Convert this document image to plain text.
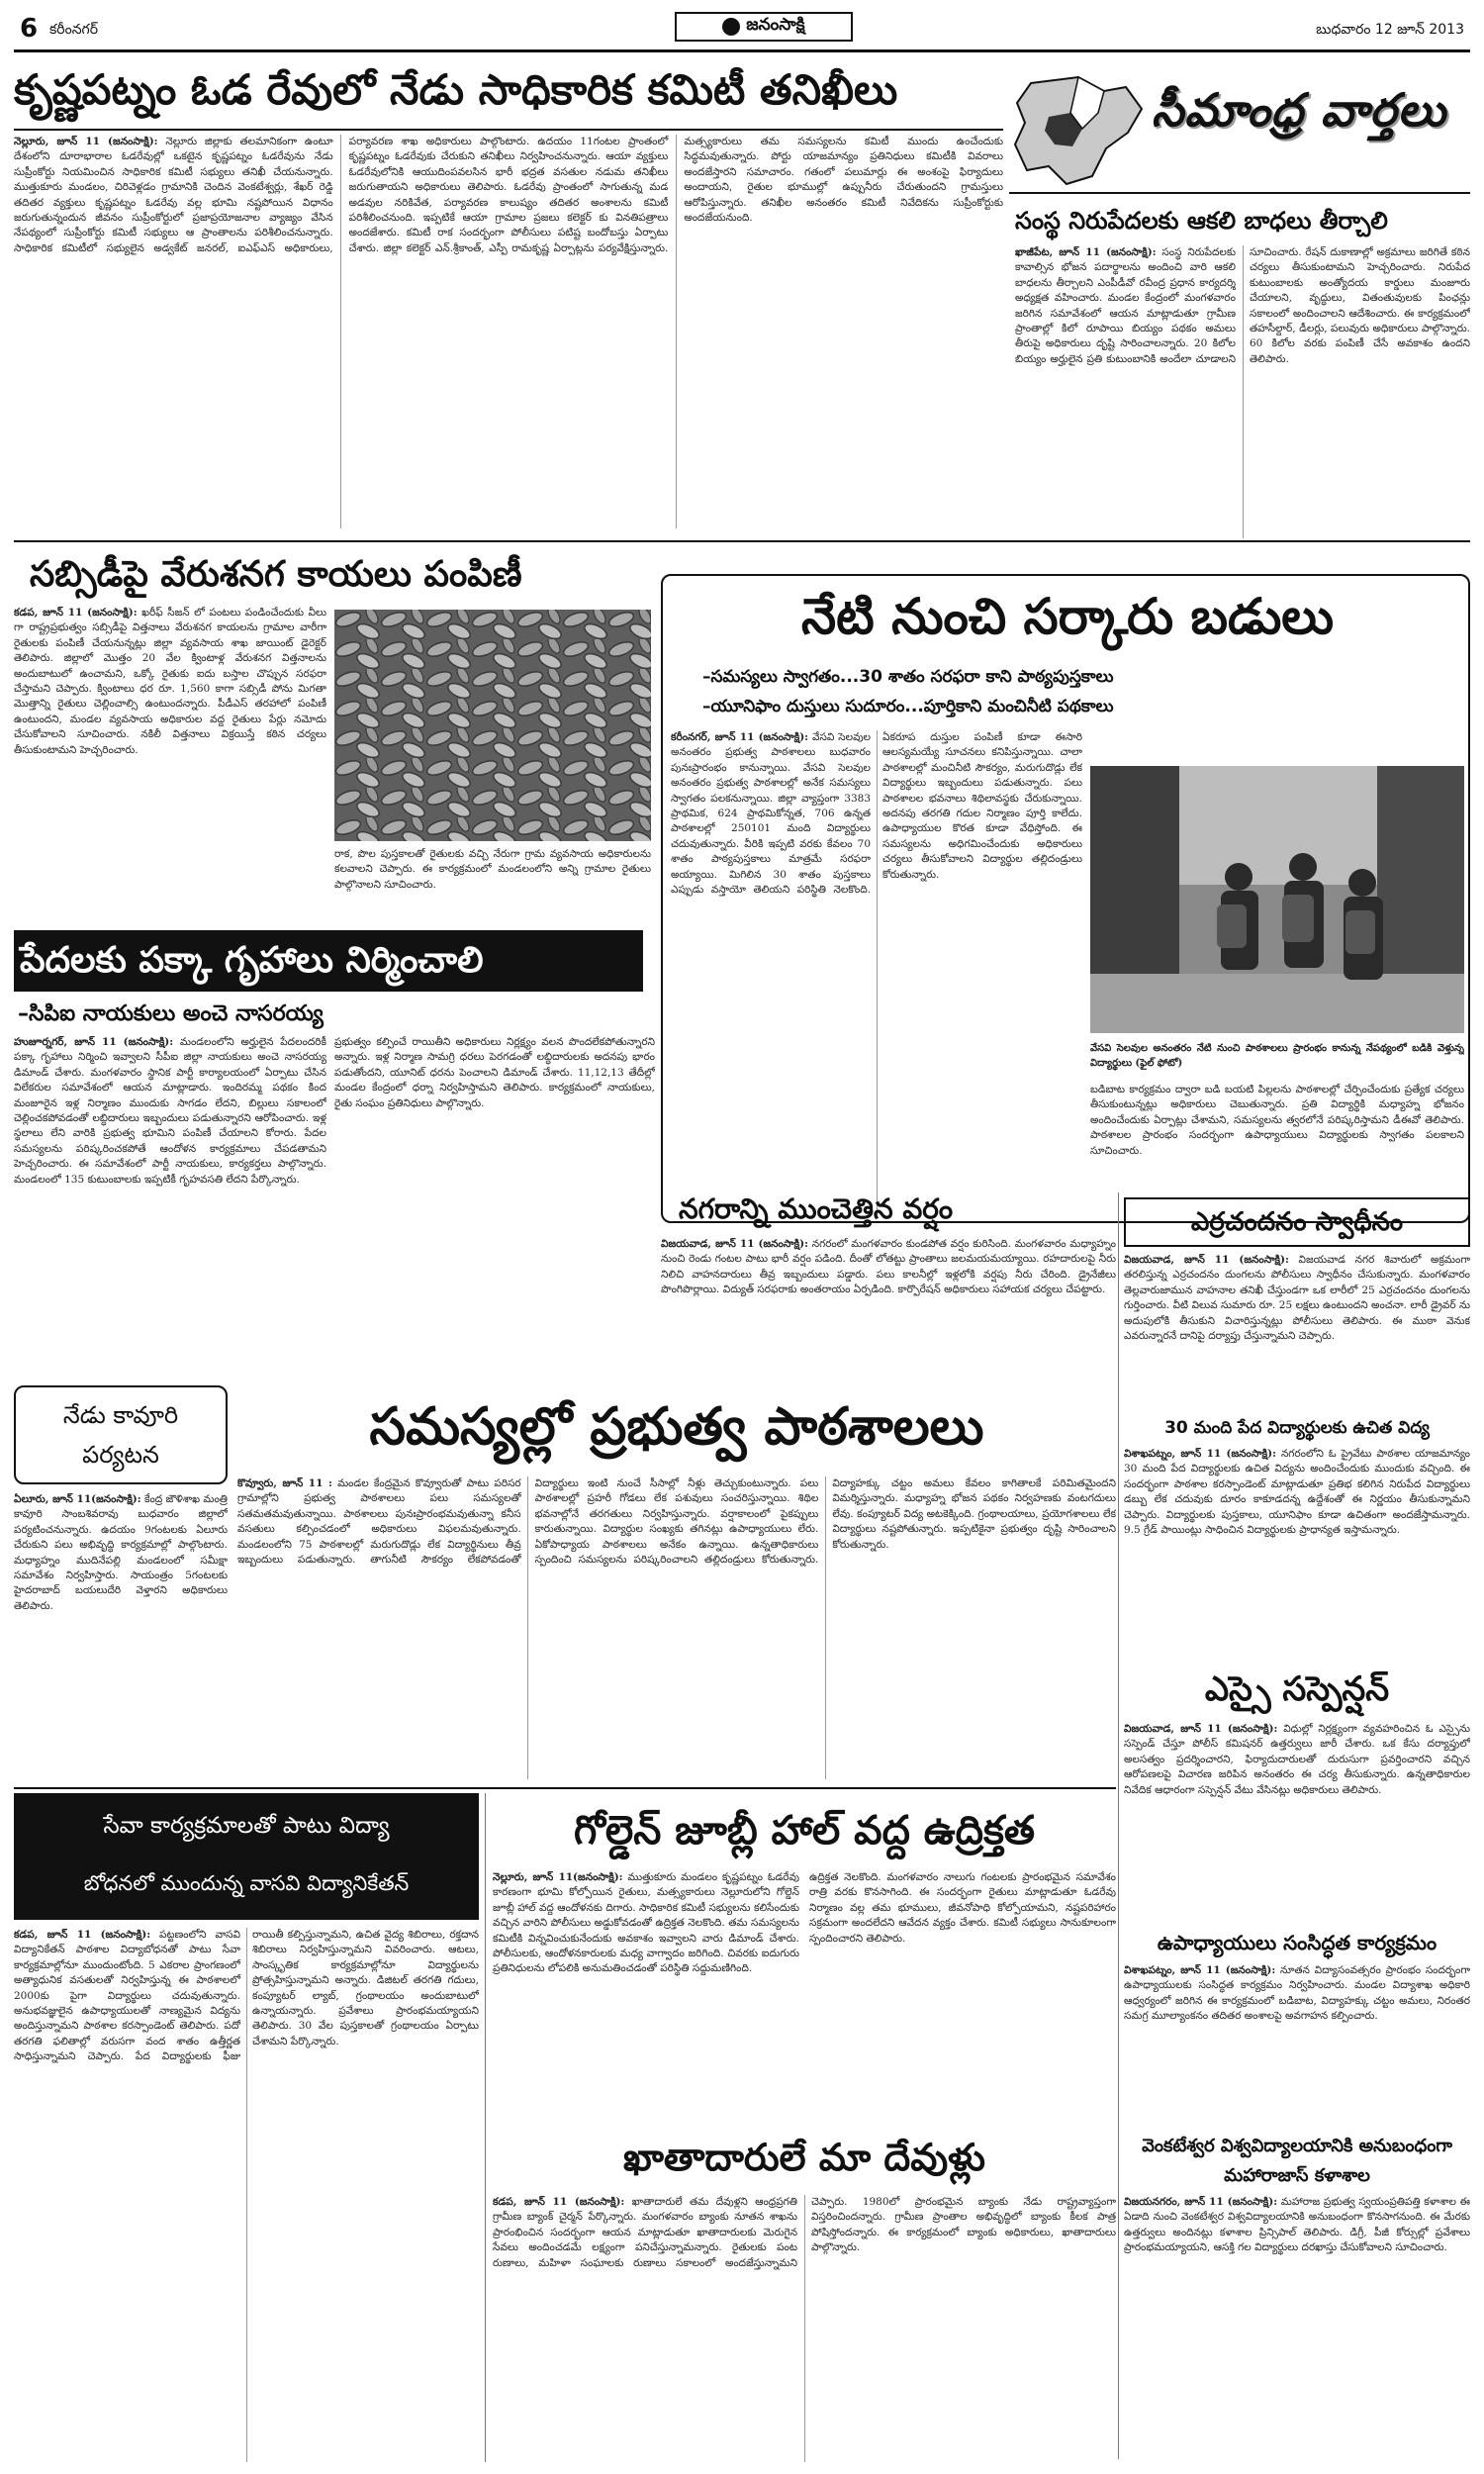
6 కరీంనగర్	జనంసాక్షి	బుధవారం 12 జూన్ 2013
కృష్ణపట్నం ఓడ రేవులో నేడు సాధికారిక కమిటీ తనిఖీలు
నెల్లూరు, జూన్ 11 (జనంసాక్షి): నెల్లూరు జిల్లాకు తలమానికంగా ఉంటూ దేశంలోని దూరాభారాల ఓడరేవుల్లో ఒకటైన కృష్ణపట్నం ఓడరేవును నేడు సుప్రీంకోర్టు నియమించిన సాధికారిక కమిటీ సభ్యులు తనిఖీ చేయనున్నారు. ముత్తుకూరు మండలం, చిరివెళ్లడం గ్రామానికి చెందిన వెంకటేశ్వర్లు, శేఖర్ రెడ్డి తదితర వ్యక్తులు కృష్ణపట్నం ఓడరేవు వల్ల భూమి నష్టపోయిన విధానం జరుగుతున్నందున జీవనం సుప్రీంకోర్టులో ప్రజాప్రయోజనాల వ్యాజ్యం వేసిన నేపథ్యంలో సుప్రీంకోర్టు కమిటీ సభ్యులు ఆ ప్రాంతాలను పరిశీలించనున్నారు. సాధికారిక కమిటీలో సభ్యులైన అడ్వకేట్ జనరల్, ఐఎఫ్ఎస్ అధికారులు, పర్యావరణ శాఖ అధికారులు పాల్గొంటారు. ఉదయం 11గంటల ప్రాంతంలో కృష్ణపట్నం ఓడరేవుకు చేరుకుని తనిఖీలు నిర్వహించనున్నారు. ఆయా వ్యక్తులు ఓడరేవులోనికి ఆయుదింపవలసిన భారీ భద్రత వసతుల నడుమ తనిఖీలు జరుగుతాయని అధికారులు తెలిపారు. ఓడరేవు ప్రాంతంలో సాగుతున్న మడ అడవుల నరికివేత, పర్యావరణ కాలుష్యం తదితర అంశాలను కమిటీ పరిశీలించనుంది. ఇప్పటికే ఆయా గ్రామాల ప్రజలు కలెక్టర్ కు వినతిపత్రాలు అందజేశారు. కమిటీ రాక సందర్భంగా పోలీసులు పటిష్ట బందోబస్తు ఏర్పాటు చేశారు. జిల్లా కలెక్టర్ ఎన్.శ్రీకాంత్, ఎస్పీ రామకృష్ణ ఏర్పాట్లను పర్యవేక్షిస్తున్నారు. మత్స్యకారులు తమ సమస్యలను కమిటీ ముందు ఉంచేందుకు సిద్ధమవుతున్నారు. పోర్టు యాజమాన్యం ప్రతినిధులు కమిటీకి వివరాలు అందజేస్తారని సమాచారం. గతంలో పలుమార్లు ఈ అంశంపై ఫిర్యాదులు అందాయని, రైతుల భూముల్లో ఉప్పునీరు చేరుతుందని గ్రామస్తులు ఆరోపిస్తున్నారు. తనిఖీల అనంతరం కమిటీ నివేదికను సుప్రీంకోర్టుకు అందజేయనుంది.
సీమాంధ్ర వార్తలు
సంస్థ నిరుపేదలకు ఆకలి బాధలు తీర్చాలి
ఖాజీపేట, జూన్ 11 (జనంసాక్షి): సంస్థ నిరుపేదలకు కావాల్సిన భోజన పదార్థాలను అందించి వారి ఆకలి బాధలను తీర్చాలని ఎంపీడీవో రవీంద్ర ప్రధాన కార్యదర్శి అధ్యక్షత వహించారు. మండల కేంద్రంలో మంగళవారం జరిగిన సమావేశంలో ఆయన మాట్లాడుతూ గ్రామీణ ప్రాంతాల్లో కిలో రూపాయి బియ్యం పథకం అమలు తీరుపై అధికారులు దృష్టి సారించాలన్నారు. 20 కిలోల బియ్యం అర్హులైన ప్రతి కుటుంబానికి అందేలా చూడాలని సూచించారు. రేషన్ దుకాణాల్లో అక్రమాలు జరిగితే కఠిన చర్యలు తీసుకుంటామని హెచ్చరించారు. నిరుపేద కుటుంబాలకు అంత్యోదయ కార్డులు మంజూరు చేయాలని, వృద్ధులు, వితంతువులకు పింఛన్లు సకాలంలో అందించాలని ఆదేశించారు. ఈ కార్యక్రమంలో తహసీల్దార్, డీలర్లు, పలువురు అధికారులు పాల్గొన్నారు. 60 కిలోల వరకు పంపిణీ చేసే అవకాశం ఉందని తెలిపారు.
సబ్సిడీపై వేరుశనగ కాయలు పంపిణీ
కడప, జూన్ 11 (జనంసాక్షి): ఖరీఫ్ సీజన్ లో పంటలు పండించేందుకు వీలు గా రాష్ట్రప్రభుత్వం సబ్సిడీపై విత్తనాలు వేరుశనగ కాయలను గ్రామాల వారీగా రైతులకు పంపిణీ చేయనున్నట్లు జిల్లా వ్యవసాయ శాఖ జాయింట్ డైరెక్టర్ తెలిపారు. జిల్లాలో మొత్తం 20 వేల క్వింటాళ్ల వేరుశనగ విత్తనాలను అందుబాటులో ఉంచామని, ఒక్కో రైతుకు ఐదు బస్తాల చొప్పున సరఫరా చేస్తామని చెప్పారు. క్వింటాలు ధర రూ. 1,560 కాగా సబ్సిడీ పోను మిగతా మొత్తాన్ని రైతులు చెల్లించాల్సి ఉంటుందన్నారు. పీడీఎస్ తరహాలో పంపిణీ ఉంటుందని, మండల వ్యవసాయ అధికారుల వద్ద రైతులు పేర్లు నమోదు చేసుకోవాలని సూచించారు. నకిలీ విత్తనాలు విక్రయిస్తే కఠిన చర్యలు తీసుకుంటామని హెచ్చరించారు.
రాక, పొల పుస్తకాలతో రైతులకు వచ్చి నేరుగా గ్రామ వ్యవసాయ అధికారులను కలవాలని చెప్పారు. ఈ కార్యక్రమంలో మండలంలోని అన్ని గ్రామాల రైతులు పాల్గొనాలని సూచించారు.
నేటి నుంచి సర్కారు బడులు
–సమస్యలు స్వాగతం...30 శాతం సరఫరా కాని పాఠ్యపుస్తకాలు
–యూనిఫాం దుస్తులు సుదూరం...పూర్తికాని మంచినీటి పథకాలు
కరీంనగర్, జూన్ 11 (జనంసాక్షి): వేసవి సెలవుల అనంతరం ప్రభుత్వ పాఠశాలలు బుధవారం పునఃప్రారంభం కానున్నాయి. వేసవి సెలవుల అనంతరం ప్రభుత్వ పాఠశాలల్లో అనేక సమస్యలు స్వాగతం పలకనున్నాయి. జిల్లా వ్యాప్తంగా 3383 ప్రాథమిక, 624 ప్రాథమికోన్నత, 706 ఉన్నత పాఠశాలల్లో 250101 మంది విద్యార్థులు చదువుతున్నారు. వీరికి ఇప్పటి వరకు కేవలం 70 శాతం పాఠ్యపుస్తకాలు మాత్రమే సరఫరా అయ్యాయి. మిగిలిన 30 శాతం పుస్తకాలు ఎప్పుడు వస్తాయో తెలియని పరిస్థితి నెలకొంది. ఏకరూప దుస్తుల పంపిణీ కూడా ఈసారి ఆలస్యమయ్యే సూచనలు కనిపిస్తున్నాయి. చాలా పాఠశాలల్లో మంచినీటి సౌకర్యం, మరుగుదొడ్లు లేక విద్యార్థులు ఇబ్బందులు పడుతున్నారు. పలు పాఠశాలల భవనాలు శిథిలావస్థకు చేరుకున్నాయి. అదనపు తరగతి గదుల నిర్మాణం పూర్తి కాలేదు. ఉపాధ్యాయుల కొరత కూడా వేధిస్తోంది. ఈ సమస్యలను అధిగమించేందుకు అధికారులు చర్యలు తీసుకోవాలని విద్యార్థుల తల్లిదండ్రులు కోరుతున్నారు.
వేసవి సెలవుల అనంతరం నేటి నుంచి పాఠశాలలు ప్రారంభం కానున్న నేపథ్యంలో బడికి వెళ్తున్న విద్యార్థులు (ఫైల్ ఫోటో)
బడిబాట కార్యక్రమం ద్వారా బడి బయటి పిల్లలను పాఠశాలల్లో చేర్పించేందుకు ప్రత్యేక చర్యలు తీసుకుంటున్నట్లు అధికారులు చెబుతున్నారు. ప్రతి విద్యార్థికి మధ్యాహ్న భోజనం అందించేందుకు ఏర్పాట్లు చేశామని, సమస్యలను త్వరలోనే పరిష్కరిస్తామని డీఈవో తెలిపారు. పాఠశాలల ప్రారంభం సందర్భంగా ఉపాధ్యాయులు విద్యార్థులకు స్వాగతం పలకాలని సూచించారు.
పేదలకు పక్కా గృహాలు నిర్మించాలి
–సిపిఐ నాయకులు అంచె నాసరయ్య
హుజూర్నగర్, జూన్ 11 (జనంసాక్షి): మండలంలోని అర్హులైన పేదలందరికీ పక్కా గృహాలు నిర్మించి ఇవ్వాలని సీపీఐ జిల్లా నాయకులు అంచె నాసరయ్య డిమాండ్ చేశారు. మంగళవారం స్థానిక పార్టీ కార్యాలయంలో ఏర్పాటు చేసిన విలేకరుల సమావేశంలో ఆయన మాట్లాడారు. ఇందిరమ్మ పథకం కింద మంజూరైన ఇళ్ల నిర్మాణం ముందుకు సాగడం లేదని, బిల్లులు సకాలంలో చెల్లించకపోవడంతో లబ్ధిదారులు ఇబ్బందులు పడుతున్నారని ఆరోపించారు. ఇళ్ల స్థలాలు లేని వారికి ప్రభుత్వ భూమిని పంపిణీ చేయాలని కోరారు. పేదల సమస్యలను పరిష్కరించకపోతే ఆందోళన కార్యక్రమాలు చేపడతామని హెచ్చరించారు. ఈ సమావేశంలో పార్టీ నాయకులు, కార్యకర్తలు పాల్గొన్నారు. మండలంలో 135 కుటుంబాలకు ఇప్పటికీ గృహవసతి లేదని పేర్కొన్నారు.
ప్రభుత్వం కల్పించే రాయితీని అధికారులు నిర్లక్ష్యం వలన పొందలేకపోతున్నారని అన్నారు. ఇళ్ల నిర్మాణ సామగ్రి ధరలు పెరగడంతో లబ్ధిదారులకు అదనపు భారం పడుతోందని, యూనిట్ ధరను పెంచాలని డిమాండ్ చేశారు. 11,12,13 తేదీల్లో మండల కేంద్రంలో ధర్నా నిర్వహిస్తామని తెలిపారు. కార్యక్రమంలో నాయకులు, రైతు సంఘం ప్రతినిధులు పాల్గొన్నారు.
నగరాన్ని ముంచెత్తిన వర్షం
విజయవాడ, జూన్ 11 (జనంసాక్షి): నగరంలో మంగళవారం కుండపోత వర్షం కురిసింది. మంగళవారం మధ్యాహ్నం నుంచి రెండు గంటల పాటు భారీ వర్షం పడింది. దీంతో లోతట్టు ప్రాంతాలు జలమయమయ్యాయి. రహదారులపై నీరు నిలిచి వాహనదారులు తీవ్ర ఇబ్బందులు పడ్డారు. పలు కాలనీల్లో ఇళ్లలోకి వర్షపు నీరు చేరింది. డ్రైనేజీలు పొంగిపొర్లాయి. విద్యుత్ సరఫరాకు అంతరాయం ఏర్పడింది. కార్పొరేషన్ అధికారులు సహాయక చర్యలు చేపట్టారు.
ఎర్రచందనం స్వాధీనం
విజయవాడ, జూన్ 11 (జనంసాక్షి): విజయవాడ నగర శివారులో అక్రమంగా తరలిస్తున్న ఎర్రచందనం దుంగలను పోలీసులు స్వాధీనం చేసుకున్నారు. మంగళవారం తెల్లవారుజామున వాహనాల తనిఖీ చేస్తుండగా ఒక లారీలో 25 ఎర్రచందనం దుంగలను గుర్తించారు. వీటి విలువ సుమారు రూ. 25 లక్షలు ఉంటుందని అంచనా. లారీ డ్రైవర్ ను అదుపులోకి తీసుకుని విచారిస్తున్నట్లు పోలీసులు తెలిపారు. ఈ ముఠా వెనుక ఎవరున్నారనే దానిపై దర్యాప్తు చేస్తున్నామని చెప్పారు.
30 మంది పేద విద్యార్థులకు ఉచిత విద్య
విశాఖపట్నం, జూన్ 11 (జనంసాక్షి): నగరంలోని ఓ ప్రైవేటు పాఠశాల యాజమాన్యం 30 మంది పేద విద్యార్థులకు ఉచిత విద్యను అందించేందుకు ముందుకు వచ్చింది. ఈ సందర్భంగా పాఠశాల కరస్పాండెంట్ మాట్లాడుతూ ప్రతిభ కలిగిన నిరుపేద విద్యార్థులు డబ్బు లేక చదువుకు దూరం కాకూడదన్న ఉద్దేశంతో ఈ నిర్ణయం తీసుకున్నామని చెప్పారు. విద్యార్థులకు పుస్తకాలు, యూనిఫాం కూడా ఉచితంగా అందజేస్తామన్నారు. 9.5 గ్రేడ్ పాయింట్లు సాధించిన విద్యార్థులకు ప్రాధాన్యత ఇస్తామన్నారు.
ఎస్సై సస్పెన్షన్
విజయవాడ, జూన్ 11 (జనంసాక్షి): విధుల్లో నిర్లక్ష్యంగా వ్యవహరించిన ఓ ఎస్సైను సస్పెండ్ చేస్తూ పోలీస్ కమిషనర్ ఉత్తర్వులు జారీ చేశారు. ఒక కేసు దర్యాప్తులో అలసత్వం ప్రదర్శించారని, ఫిర్యాదుదారులతో దురుసుగా ప్రవర్తించారని వచ్చిన ఆరోపణలపై విచారణ జరిపిన అనంతరం ఈ చర్య తీసుకున్నారు. ఉన్నతాధికారుల నివేదిక ఆధారంగా సస్పెన్షన్ వేటు వేసినట్లు అధికారులు తెలిపారు.
ఉపాధ్యాయులు సంసిద్ధత కార్యక్రమం
విశాఖపట్నం, జూన్ 11 (జనంసాక్షి): నూతన విద్యాసంవత్సరం ప్రారంభం సందర్భంగా ఉపాధ్యాయులకు సంసిద్ధత కార్యక్రమం నిర్వహించారు. మండల విద్యాశాఖ అధికారి ఆధ్వర్యంలో జరిగిన ఈ కార్యక్రమంలో బడిబాట, విద్యాహక్కు చట్టం అమలు, నిరంతర సమగ్ర మూల్యాంకనం తదితర అంశాలపై అవగాహన కల్పించారు.
వెంకటేశ్వర విశ్వవిద్యాలయానికి అనుబంధంగా మహారాజాస్ కళాశాల
విజయనగరం, జూన్ 11 (జనంసాక్షి): మహారాజ ప్రభుత్వ స్వయంప్రతిపత్తి కళాశాల ఈ ఏడాది నుంచి వెంకటేశ్వర విశ్వవిద్యాలయానికి అనుబంధంగా కొనసాగనుంది. ఈ మేరకు ఉత్తర్వులు అందినట్లు కళాశాల ప్రిన్సిపాల్ తెలిపారు. డిగ్రీ, పీజీ కోర్సుల్లో ప్రవేశాలు ప్రారంభమయ్యాయని, ఆసక్తి గల విద్యార్థులు దరఖాస్తు చేసుకోవాలని సూచించారు.
నేడు కావూరి
పర్యటన
ఏలూరు, జూన్ 11(జనంసాక్షి): కేంద్ర జౌళిశాఖ మంత్రి కావూరి సాంబశివరావు బుధవారం జిల్లాలో పర్యటించనున్నారు. ఉదయం 9గంటలకు ఏలూరు చేరుకుని పలు అభివృద్ధి కార్యక్రమాల్లో పాల్గొంటారు. మధ్యాహ్నం ముదినేపల్లి మండలంలో సమీక్షా సమావేశం నిర్వహిస్తారు. సాయంత్రం 5గంటలకు హైదరాబాద్ బయలుదేరి వెళ్తారని అధికారులు తెలిపారు.
సమస్యల్లో ప్రభుత్వ పాఠశాలలు
కొవ్వూరు, జూన్ 11 : మండల కేంద్రమైన కొవ్వూరుతో పాటు పరిసర గ్రామాల్లోని ప్రభుత్వ పాఠశాలలు పలు సమస్యలతో సతమతమవుతున్నాయి. పాఠశాలలు పునఃప్రారంభమవుతున్నా కనీస వసతులు కల్పించడంలో అధికారులు విఫలమవుతున్నారు. మండలంలోని 75 పాఠశాలల్లో మరుగుదొడ్లు లేక విద్యార్థినులు తీవ్ర ఇబ్బందులు పడుతున్నారు. తాగునీటి సౌకర్యం లేకపోవడంతో విద్యార్థులు ఇంటి నుంచే సీసాల్లో నీళ్లు తెచ్చుకుంటున్నారు. పలు పాఠశాలల్లో ప్రహరీ గోడలు లేక పశువులు సంచరిస్తున్నాయి. శిథిల భవనాల్లోనే తరగతులు నిర్వహిస్తున్నారు. వర్షాకాలంలో పైకప్పులు కారుతున్నాయి. విద్యార్థుల సంఖ్యకు తగినట్లు ఉపాధ్యాయులు లేరు. ఏకోపాధ్యాయ పాఠశాలలు అనేకం ఉన్నాయి. ఉన్నతాధికారులు స్పందించి సమస్యలను పరిష్కరించాలని తల్లిదండ్రులు కోరుతున్నారు. విద్యాహక్కు చట్టం అమలు కేవలం కాగితాలకే పరిమితమైందని విమర్శిస్తున్నారు. మధ్యాహ్న భోజన పథకం నిర్వహణకు వంటగదులు లేవు. కంప్యూటర్ విద్య అటకెక్కింది. గ్రంథాలయాలు, ప్రయోగశాలలు లేక విద్యార్థులు నష్టపోతున్నారు. ఇప్పటికైనా ప్రభుత్వం దృష్టి సారించాలని కోరుతున్నారు.
సేవా కార్యక్రమాలతో పాటు విద్యా
బోధనలో ముందున్న వాసవి విద్యానికేతన్
కడప, జూన్ 11 (జనంసాక్షి): పట్టణంలోని వాసవి విద్యానికేతన్ పాఠశాల విద్యాబోధనతో పాటు సేవా కార్యక్రమాల్లోనూ ముందుంటోంది. 5 ఎకరాల ప్రాంగణంలో అత్యాధునిక వసతులతో నిర్వహిస్తున్న ఈ పాఠశాలలో 2000కు పైగా విద్యార్థులు చదువుతున్నారు. అనుభవజ్ఞులైన ఉపాధ్యాయులతో నాణ్యమైన విద్యను అందిస్తున్నామని పాఠశాల కరస్పాండెంట్ తెలిపారు. పదో తరగతి ఫలితాల్లో వరుసగా వంద శాతం ఉత్తీర్ణత సాధిస్తున్నామని చెప్పారు. పేద విద్యార్థులకు ఫీజు రాయితీ కల్పిస్తున్నామని, ఉచిత వైద్య శిబిరాలు, రక్తదాన శిబిరాలు నిర్వహిస్తున్నామని వివరించారు. ఆటలు, సాంస్కృతిక కార్యక్రమాల్లోనూ విద్యార్థులను ప్రోత్సహిస్తున్నామని అన్నారు. డిజిటల్ తరగతి గదులు, కంప్యూటర్ ల్యాబ్, గ్రంథాలయం అందుబాటులో ఉన్నాయన్నారు. ప్రవేశాలు ప్రారంభమయ్యాయని తెలిపారు. 30 వేల పుస్తకాలతో గ్రంథాలయం ఏర్పాటు చేశామని పేర్కొన్నారు.
గోల్డెన్ జూబ్లీ హాల్ వద్ద ఉద్రిక్తత
నెల్లూరు, జూన్ 11(జనంసాక్షి): ముత్తుకూరు మండలం కృష్ణపట్నం ఓడరేవు కారణంగా భూమి కోల్పోయిన రైతులు, మత్స్యకారులు నెల్లూరులోని గోల్డెన్ జూబ్లీ హాల్ వద్ద ఆందోళనకు దిగారు. సాధికారిక కమిటీ సభ్యులను కలిసేందుకు వచ్చిన వారిని పోలీసులు అడ్డుకోవడంతో ఉద్రిక్తత నెలకొంది. తమ సమస్యలను కమిటీకి విన్నవించుకునేందుకు అవకాశం ఇవ్వాలని వారు డిమాండ్ చేశారు. పోలీసులకు, ఆందోళనకారులకు మధ్య వాగ్వాదం జరిగింది. చివరకు ఐదుగురు ప్రతినిధులను లోపలికి అనుమతించడంతో పరిస్థితి సద్దుమణిగింది.
ఉద్రిక్తత నెలకొంది. మంగళవారం నాలుగు గంటలకు ప్రారంభమైన సమావేశం రాత్రి వరకు కొనసాగింది. ఈ సందర్భంగా రైతులు మాట్లాడుతూ ఓడరేవు నిర్మాణం వల్ల తమ భూములు, జీవనోపాధి కోల్పోయామని, నష్టపరిహారం సక్రమంగా అందలేదని ఆవేదన వ్యక్తం చేశారు. కమిటీ సభ్యులు సానుకూలంగా స్పందించారని తెలిపారు.
ఖాతాదారులే మా దేవుళ్లు
కడప, జూన్ 11 (జనంసాక్షి): ఖాతాదారులే తమ దేవుళ్లని ఆంధ్రప్రగతి గ్రామీణ బ్యాంక్ చైర్మన్ పేర్కొన్నారు. మంగళవారం బ్యాంకు నూతన శాఖను ప్రారంభించిన సందర్భంగా ఆయన మాట్లాడుతూ ఖాతాదారులకు మెరుగైన సేవలు అందించడమే లక్ష్యంగా పనిచేస్తున్నామన్నారు. రైతులకు పంట రుణాలు, మహిళా సంఘాలకు రుణాలు సకాలంలో అందజేస్తున్నామని చెప్పారు. 1980లో ప్రారంభమైన బ్యాంకు నేడు రాష్ట్రవ్యాప్తంగా విస్తరించిందన్నారు. గ్రామీణ ప్రాంతాల అభివృద్ధిలో బ్యాంకు కీలక పాత్ర పోషిస్తోందన్నారు. ఈ కార్యక్రమంలో బ్యాంకు అధికారులు, ఖాతాదారులు పాల్గొన్నారు.
